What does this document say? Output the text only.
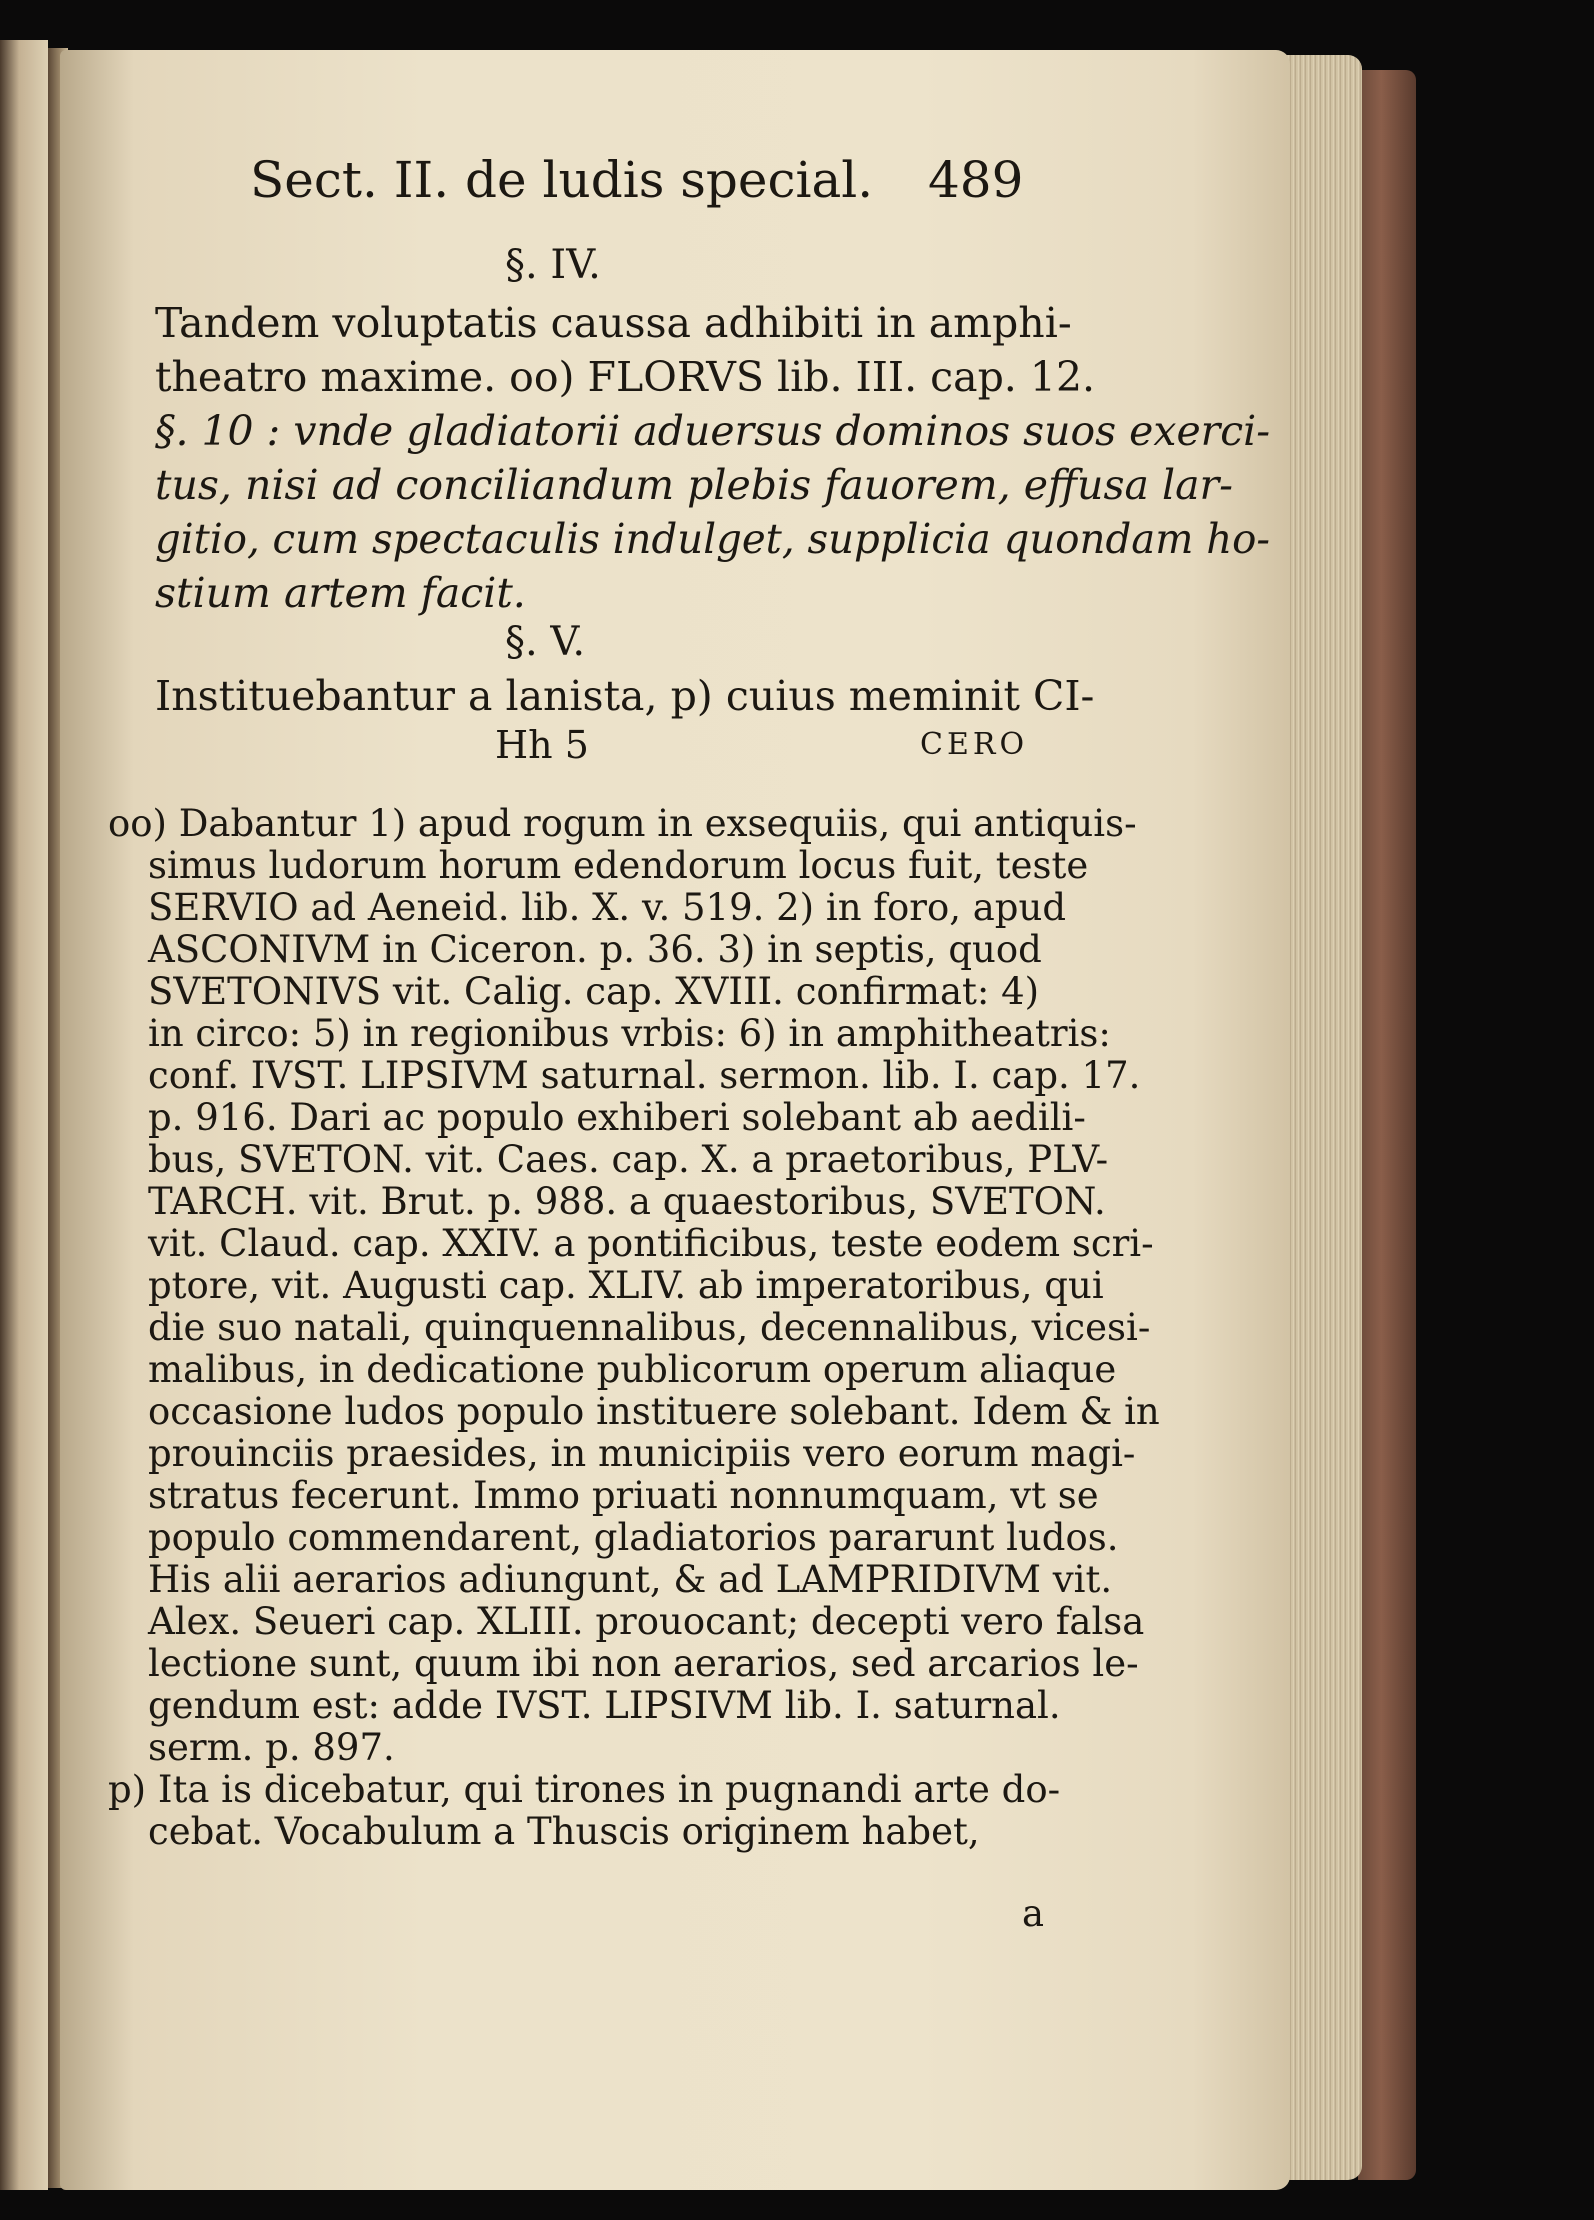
Sect. II. de ludis special. 489
§. IV.
Tandem voluptatis caussa adhibiti in amphi-
theatro maxime. oo) FLORVS lib. III. cap. 12.
§. 10 : vnde gladiatorii aduersus dominos suos exerci-
tus, nisi ad conciliandum plebis fauorem, effusa lar-
gitio, cum spectaculis indulget, supplicia quondam ho-
stium artem facit.
§. V.
Instituebantur a lanista, p) cuius meminit CI-
Hh 5	CERO
oo) Dabantur 1) apud rogum in exsequiis, qui antiquis-
simus ludorum horum edendorum locus fuit, teste
SERVIO ad Aeneid. lib. X. v. 519. 2) in foro, apud
ASCONIVM in Ciceron. p. 36. 3) in septis, quod
SVETONIVS vit. Calig. cap. XVIII. confirmat: 4)
in circo: 5) in regionibus vrbis: 6) in amphitheatris:
conf. IVST. LIPSIVM saturnal. sermon. lib. I. cap. 17.
p. 916. Dari ac populo exhiberi solebant ab aedili-
bus, SVETON. vit. Caes. cap. X. a praetoribus, PLV-
TARCH. vit. Brut. p. 988. a quaestoribus, SVETON.
vit. Claud. cap. XXIV. a pontificibus, teste eodem scri-
ptore, vit. Augusti cap. XLIV. ab imperatoribus, qui
die suo natali, quinquennalibus, decennalibus, vicesi-
malibus, in dedicatione publicorum operum aliaque
occasione ludos populo instituere solebant. Idem & in
prouinciis praesides, in municipiis vero eorum magi-
stratus fecerunt. Immo priuati nonnumquam, vt se
populo commendarent, gladiatorios pararunt ludos.
His alii aerarios adiungunt, & ad LAMPRIDIVM vit.
Alex. Seueri cap. XLIII. prouocant; decepti vero falsa
lectione sunt, quum ibi non aerarios, sed arcarios le-
gendum est: adde IVST. LIPSIVM lib. I. saturnal.
serm. p. 897.
p) Ita is dicebatur, qui tirones in pugnandi arte do-
cebat. Vocabulum a Thuscis originem habet,
a
